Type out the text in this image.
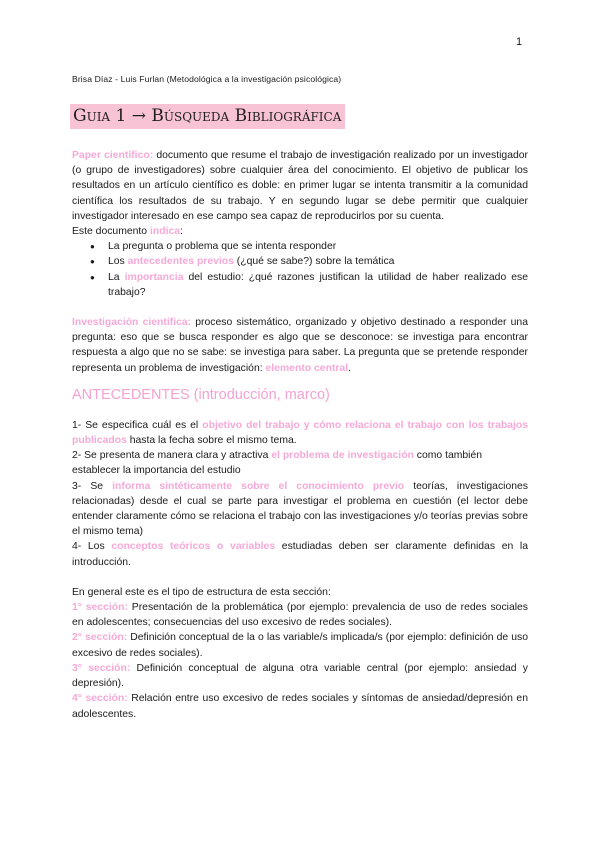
1
Brisa Díaz - Luis Furlan (Metodológica a la investigación psicológica)
Guia 1 → Búsqueda Bibliográfica

Paper científico: documento que resume el trabajo de investigación realizado por un investigador (o grupo de investigadores) sobre cualquier área del conocimiento. El objetivo de publicar los resultados en un artículo científico es doble: en primer lugar se intenta transmitir a la comunidad científica los resultados de su trabajo. Y en segundo lugar se debe permitir que cualquier investigador interesado en ese campo sea capaz de reproducirlos por su cuenta.

Este documento indica:

● La pregunta o problema que se intenta responder
● Los antecedentes previos (¿qué se sabe?) sobre la temática
● La importancia del estudio: ¿qué razones justifican la utilidad de haber realizado ese trabajo?

Investigación científica: proceso sistemático, organizado y objetivo destinado a responder una pregunta: eso que se busca responder es algo que se desconoce: se investiga para encontrar respuesta a algo que no se sabe: se investiga para saber. La pregunta que se pretende responder representa un problema de investigación: elemento central.

ANTECEDENTES (introducción, marco)

1- Se especifica cuál es el objetivo del trabajo y cómo relaciona el trabajo con los trabajos publicados hasta la fecha sobre el mismo tema.

2- Se presenta de manera clara y atractiva el problema de investigación como también establecer la importancia del estudio

3- Se informa sintéticamente sobre el conocimiento previo teorías, investigaciones relacionadas) desde el cual se parte para investigar el problema en cuestión (el lector debe entender claramente cómo se relaciona el trabajo con las investigaciones y/o teorías previas sobre el mismo tema)

4- Los conceptos teóricos o variables estudiadas deben ser claramente definidas en la introducción.

En general este es el tipo de estructura de esta sección:

1° sección: Presentación de la problemática (por ejemplo: prevalencia de uso de redes sociales en adolescentes; consecuencias del uso excesivo de redes sociales).

2° sección: Definición conceptual de la o las variable/s implicada/s (por ejemplo: definición de uso excesivo de redes sociales).

3° sección: Definición conceptual de alguna otra variable central (por ejemplo: ansiedad y depresión).

4° sección: Relación entre uso excesivo de redes sociales y síntomas de ansiedad/depresión en adolescentes.
